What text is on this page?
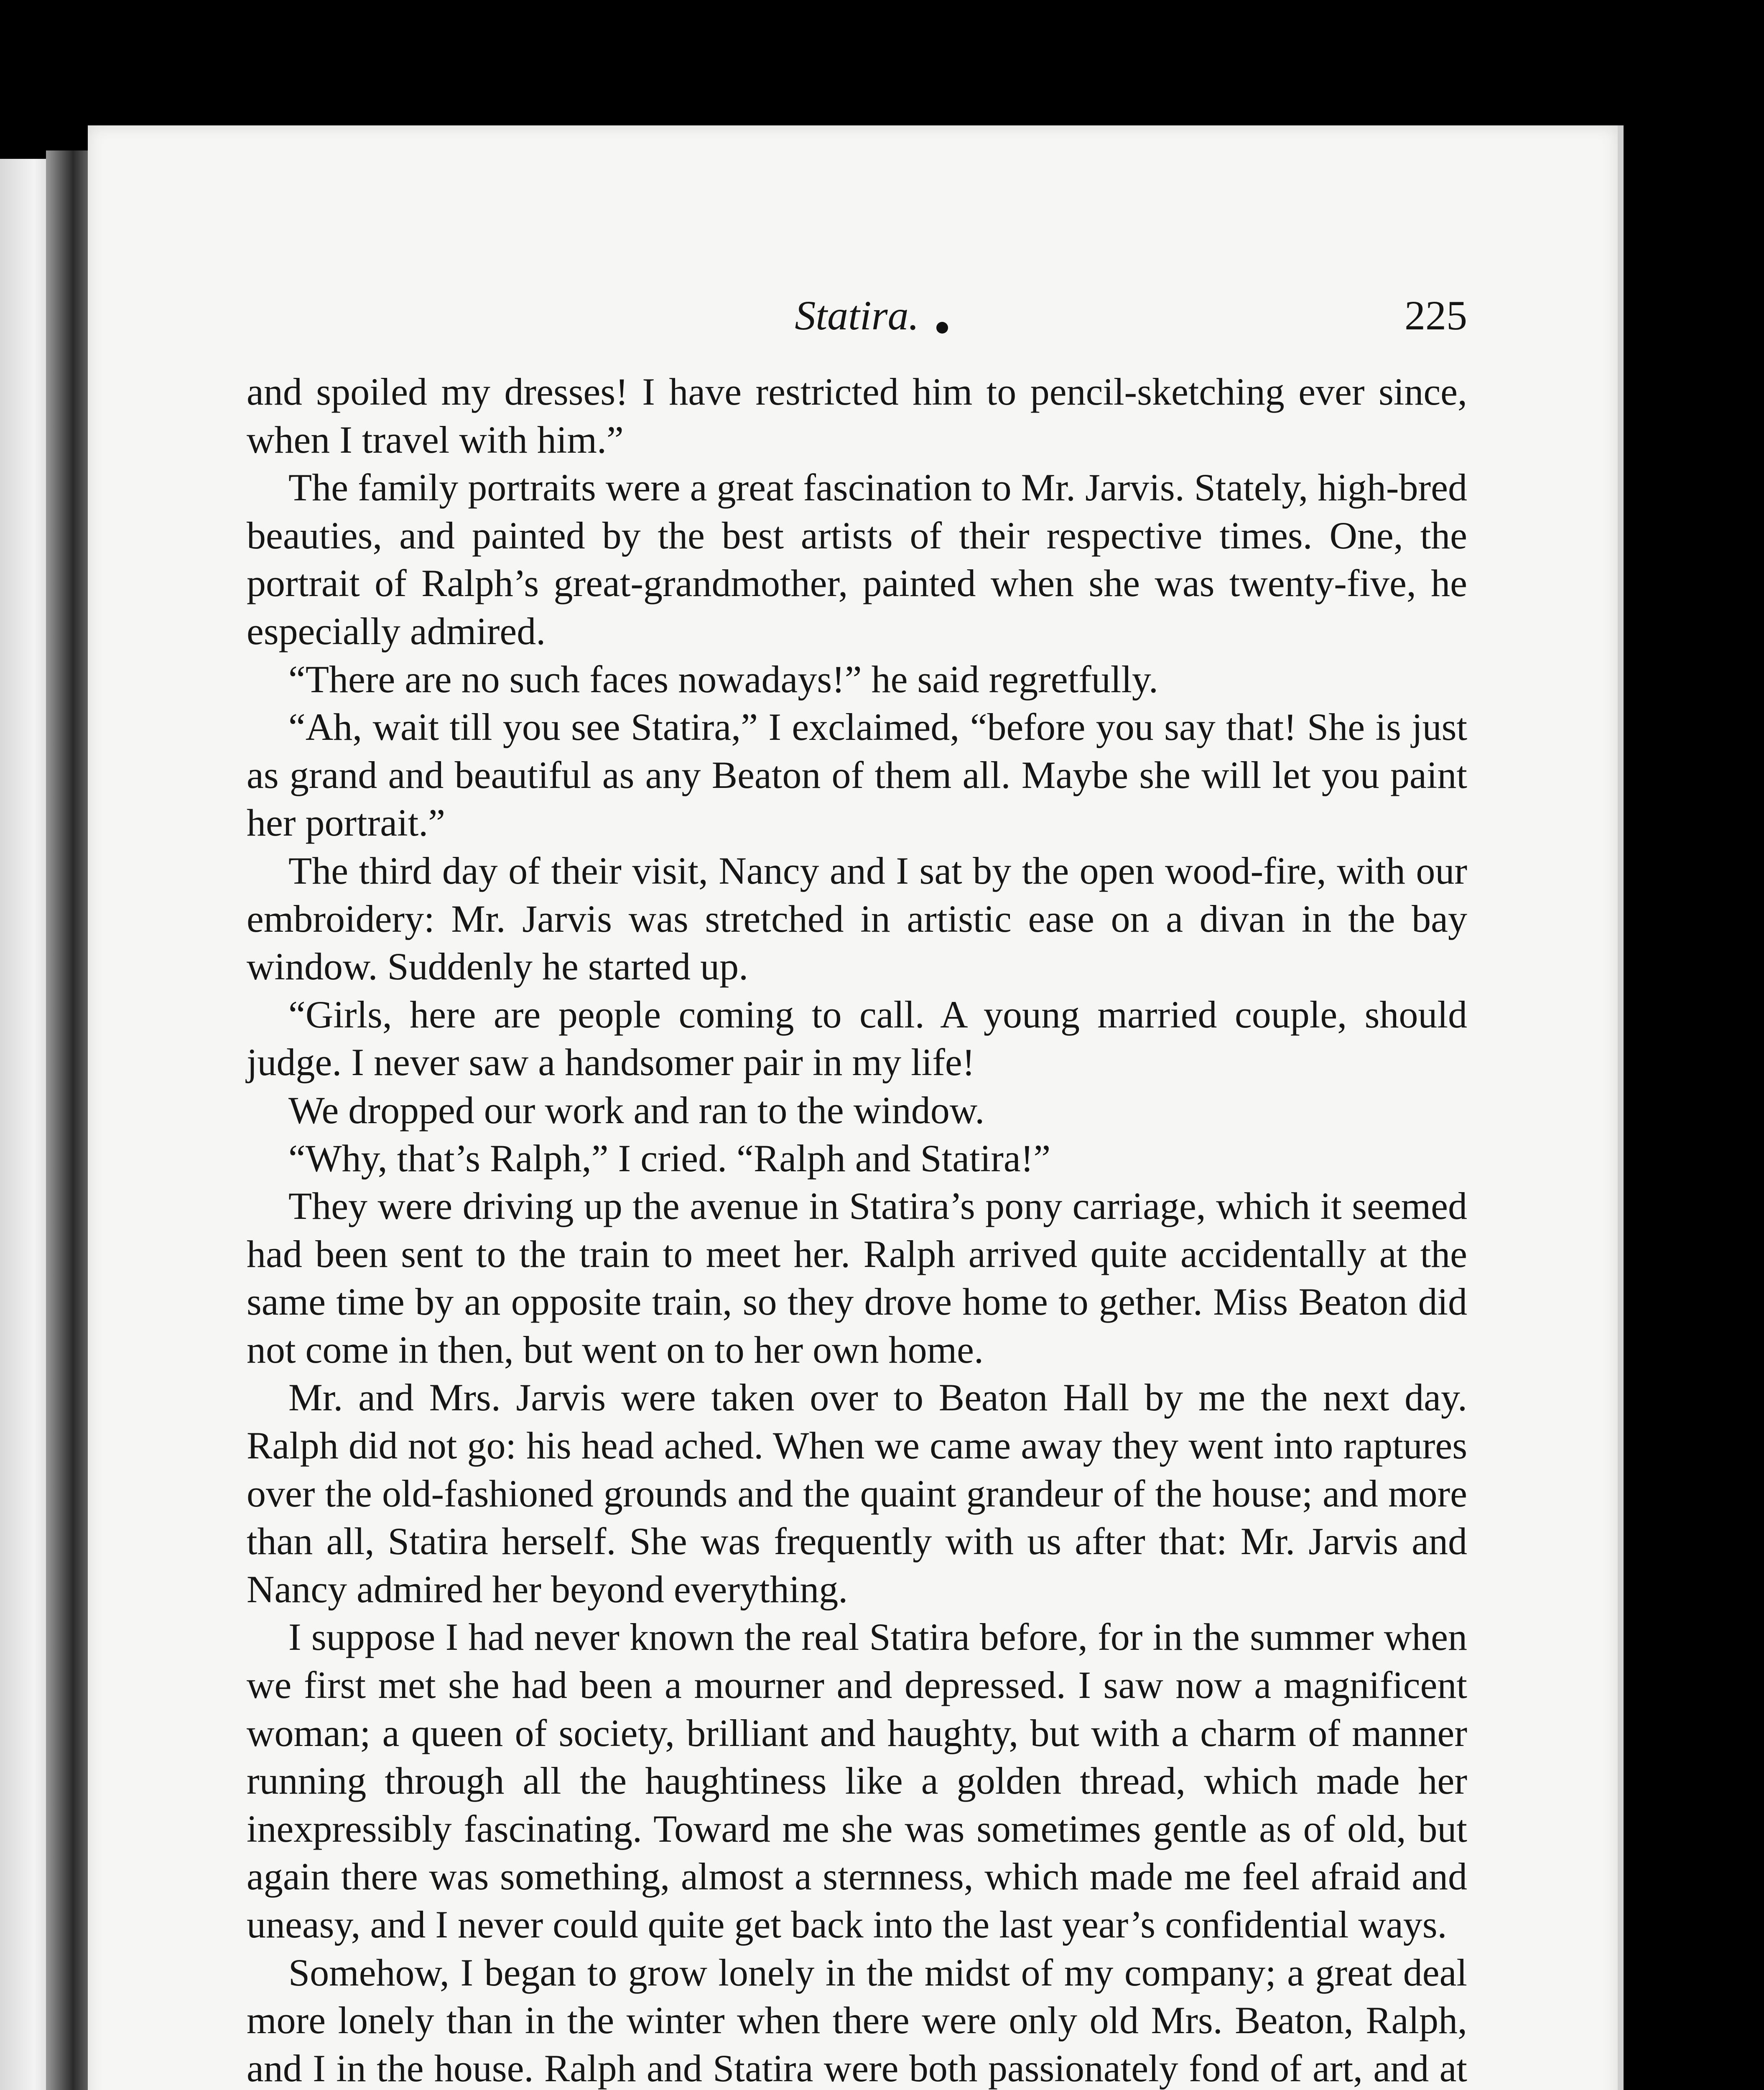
Statira.	225

and spoiled my dresses! I have restricted him to pencil-sketching ever since, when I travel with him.”

The family portraits were a great fascination to Mr. Jarvis. Stately, high-bred beauties, and painted by the best artists of their respective times. One, the portrait of Ralph’s great-grandmother, painted when she was twenty-five, he especially admired.

“There are no such faces nowadays!” he said regretfully.

“Ah, wait till you see Statira,” I exclaimed, “before you say that! She is just as grand and beautiful as any Beaton of them all. Maybe she will let you paint her portrait.”

The third day of their visit, Nancy and I sat by the open wood-fire, with our embroidery: Mr. Jarvis was stretched in artistic ease on a divan in the bay window. Suddenly he started up.

“Girls, here are people coming to call. A young married couple, should judge. I never saw a handsomer pair in my life!

We dropped our work and ran to the window.

“Why, that’s Ralph,” I cried. “Ralph and Statira!”

They were driving up the avenue in Statira’s pony carriage, which it seemed had been sent to the train to meet her. Ralph arrived quite accidentally at the same time by an opposite train, so they drove home to gether. Miss Beaton did not come in then, but went on to her own home.

Mr. and Mrs. Jarvis were taken over to Beaton Hall by me the next day. Ralph did not go: his head ached. When we came away they went into raptures over the old-fashioned grounds and the quaint grandeur of the house; and more than all, Statira herself. She was frequently with us after that: Mr. Jarvis and Nancy admired her beyond everything.

I suppose I had never known the real Statira before, for in the summer when we first met she had been a mourner and depressed. I saw now a magnificent woman; a queen of society, brilliant and haughty, but with a charm of manner running through all the haughtiness like a golden thread, which made her inexpressibly fascinating. Toward me she was sometimes gentle as of old, but again there was something, almost a sternness, which made me feel afraid and uneasy, and I never could quite get back into the last year’s confidential ways.

Somehow, I began to grow lonely in the midst of my company; a great deal more lonely than in the winter when there were only old Mrs. Beaton, Ralph, and I in the house. Ralph and Statira were both passionately fond of art, and at
